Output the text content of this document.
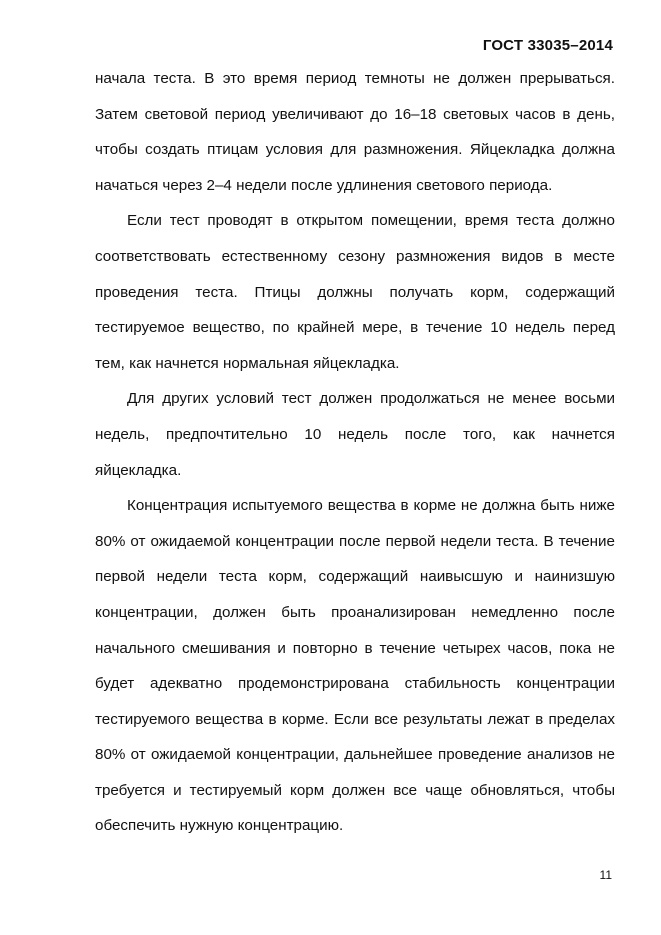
ГОСТ 33035–2014

начала теста. В это время период темноты не должен прерываться. Затем световой период увеличивают до 16–18 световых часов в день, чтобы создать птицам условия для размножения. Яйцекладка должна начаться через 2–4 недели после удлинения светового периода.

Если тест проводят в открытом помещении, время теста должно соответствовать естественному сезону размножения видов в месте проведения теста. Птицы должны получать корм, содержащий тестируемое вещество, по крайней мере, в течение 10 недель перед тем, как начнется нормальная яйцекладка.

Для других условий тест должен продолжаться не менее восьми недель, предпочтительно 10 недель после того, как начнется яйцекладка.

Концентрация испытуемого вещества в корме не должна быть ниже 80% от ожидаемой концентрации после первой недели теста. В течение первой недели теста корм, содержащий наивысшую и наинизшую концентрации, должен быть проанализирован немедленно после начального смешивания и повторно в течение четырех часов, пока не будет адекватно продемонстрирована стабильность концентрации тестируемого вещества в корме. Если все результаты лежат в пределах 80% от ожидаемой концентрации, дальнейшее проведение анализов не требуется и тестируемый корм должен все чаще обновляться, чтобы обеспечить нужную концентрацию.

11
